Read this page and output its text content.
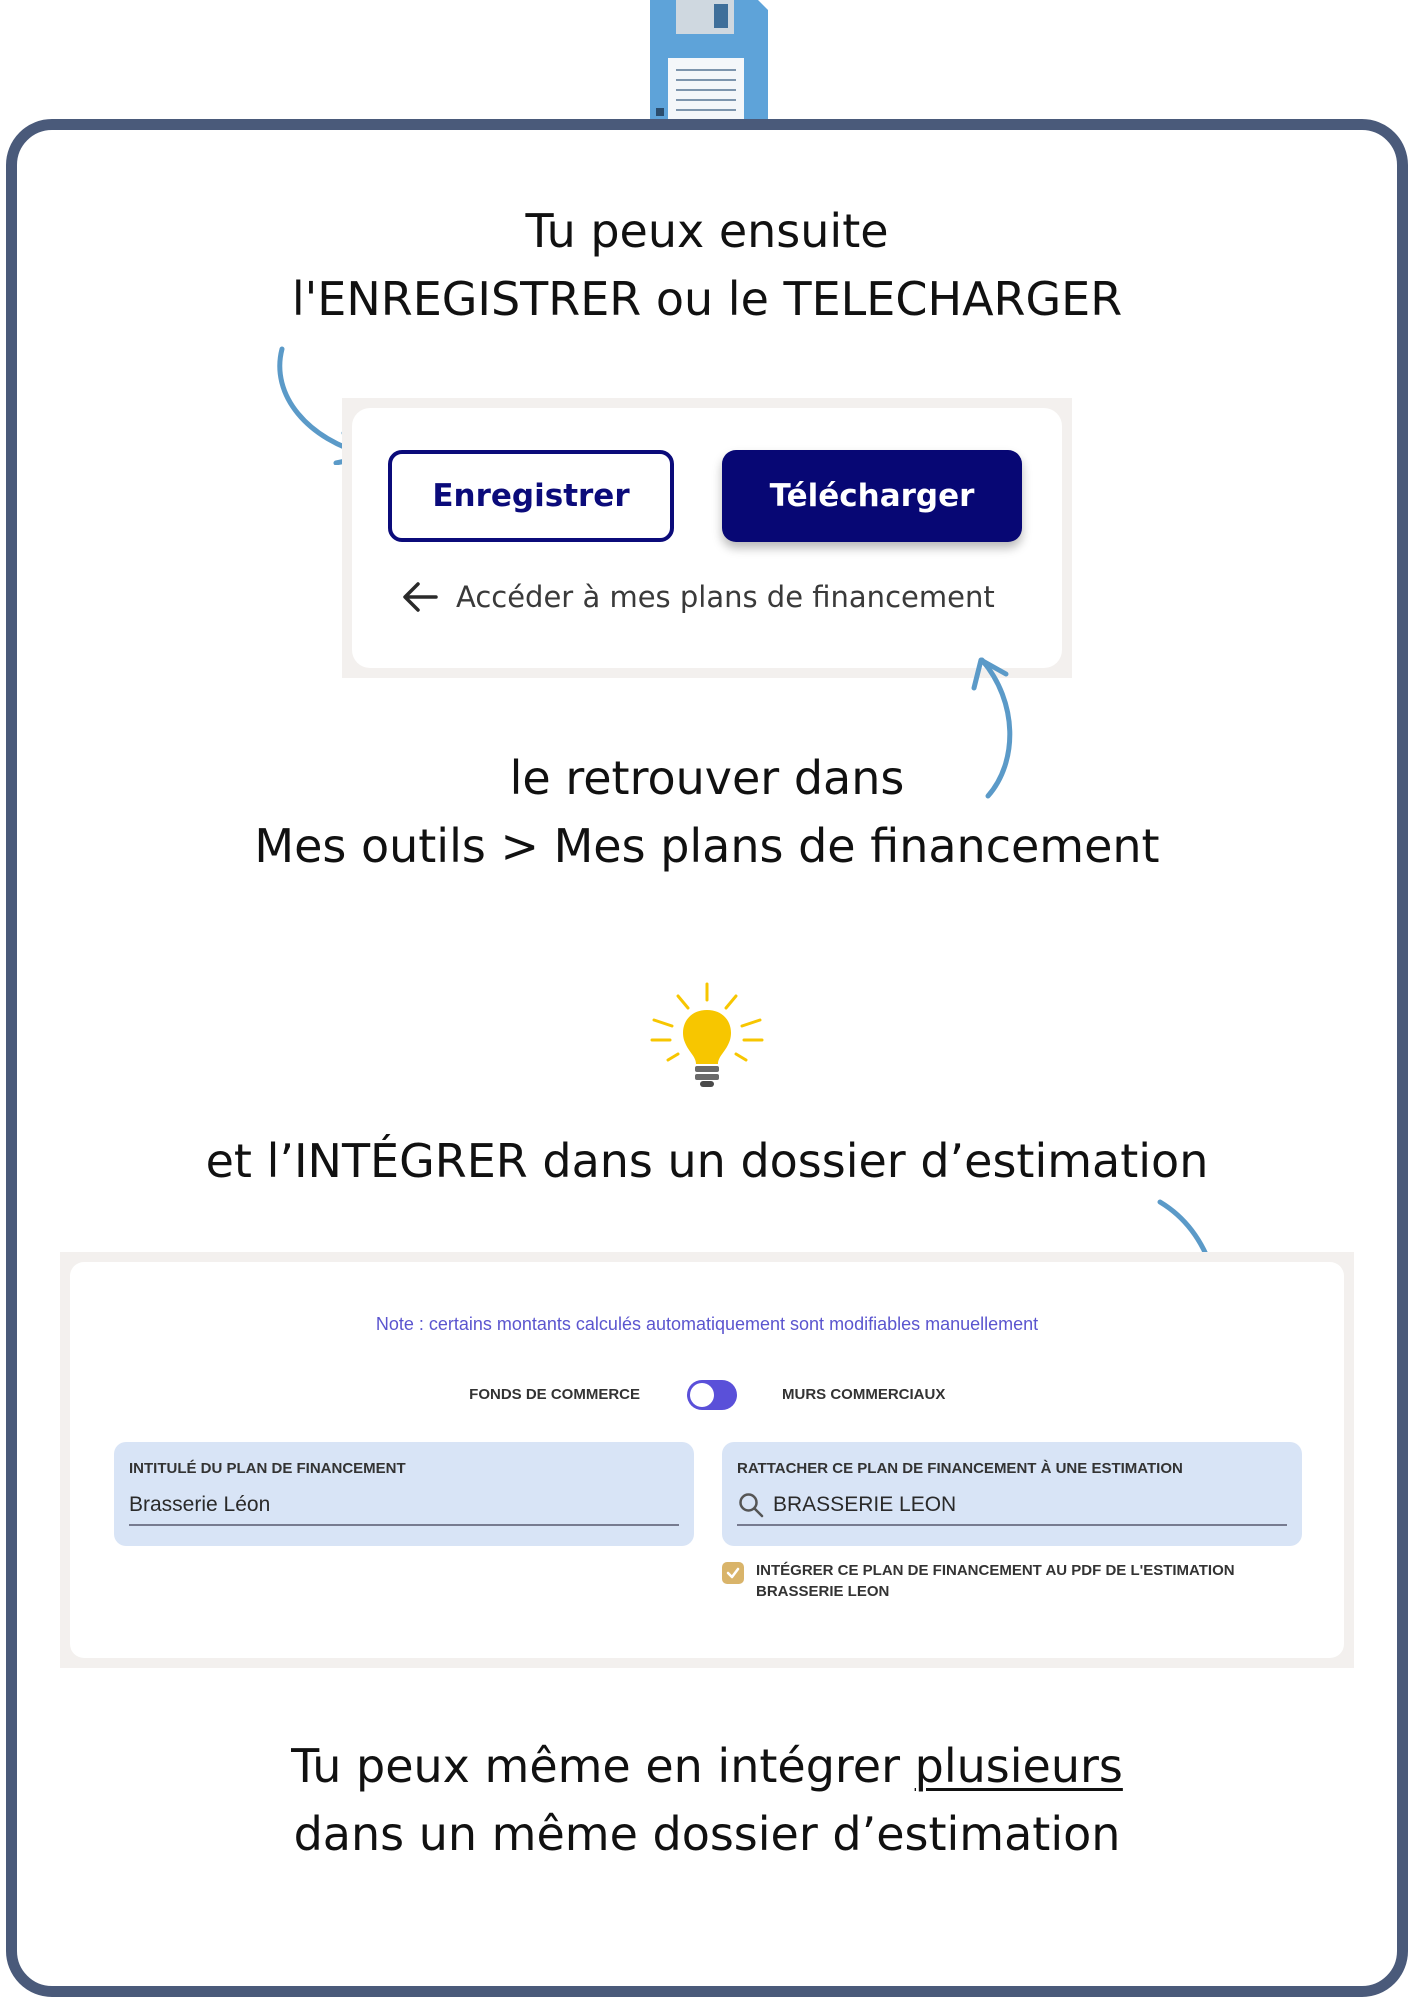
Tu peux ensuite
l'ENREGISTRER ou le TELECHARGER
Enregistrer	Télécharger
Accéder à mes plans de financement
le retrouver dans
Mes outils > Mes plans de financement
et l’INTÉGRER dans un dossier d’estimation
Note : certains montants calculés automatiquement sont modifiables manuellement
FONDS DE COMMERCE	MURS COMMERCIAUX
INTITULÉ DU PLAN DE FINANCEMENT
Brasserie Léon
RATTACHER CE PLAN DE FINANCEMENT À UNE ESTIMATION
BRASSERIE LEON
INTÉGRER CE PLAN DE FINANCEMENT AU PDF DE L'ESTIMATION
BRASSERIE LEON
Tu peux même en intégrer plusieurs
dans un même dossier d’estimation
